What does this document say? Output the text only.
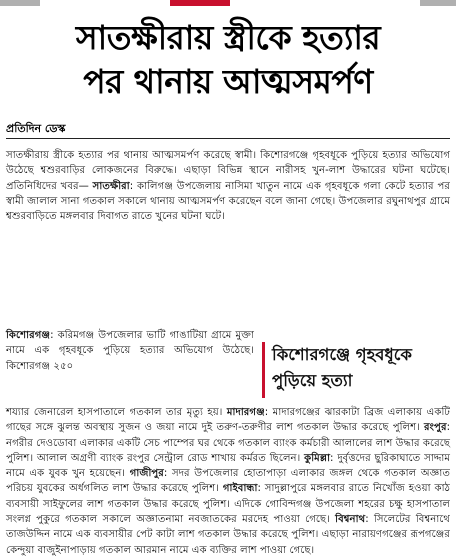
সাতক্ষীরায় স্ত্রীকে হত্যার
পর থানায় আত্মসমর্পণ
প্রতিদিন ডেস্ক

সাতক্ষীরায় স্ত্রীকে হত্যার পর থানায় আত্মসমর্পণ করেছে স্বামী। কিশোরগঞ্জে গৃহবধূকে পুড়িয়ে হত্যার অভিযোগ উঠেছে শ্বশুরবাড়ির লোকজনের বিরুদ্ধে। এছাড়া বিভিন্ন স্থানে নারীসহ খুন-লাশ উদ্ধারের ঘটনা ঘটেছে। প্রতিনিধিদের খবর— সাতক্ষীরা: কালিগঞ্জ উপজেলায় নাসিমা খাতুন নামে এক গৃহবধূকে গলা কেটে হত্যার পর স্বামী জালাল সানা গতকাল সকালে থানায় আত্মসমর্পণ করেছেন বলে জানা গেছে। উপজেলার রঘুনাথপুর গ্রামে শ্বশুরবাড়িতে মঙ্গলবার দিবাগত রাতে খুনের ঘটনা ঘটে।

কিশোরগঞ্জ: করিমগঞ্জ উপজেলার ভাটি গাঙাটিয়া গ্রামে মুক্তা নামে এক গৃহবধূকে পুড়িয়ে হত্যার অভিযোগ উঠেছে। কিশোরগঞ্জ ২৫০

কিশোরগঞ্জে গৃহবধূকে পুড়িয়ে হত্যা

শয্যার জেনারেল হাসপাতালে গতকাল তার মৃত্যু হয়। মাদারগঞ্জ: মাদারগঞ্জের ঝারকাটা ব্রিজ এলাকায় একটি গাছের সঙ্গে ঝুলন্ত অবস্থায় সুজন ও জয়া নামে দুই তরুণ-তরুণীর লাশ গতকাল উদ্ধার করেছে পুলিশ। রংপুর: নগরীর দেওডোবা এলাকার একটি সেচ পাম্পের ঘর থেকে গতকাল ব্যাংক কর্মচারী আলালের লাশ উদ্ধার করেছে পুলিশ। আলাল অগ্রণী ব্যাংক রংপুর সেন্ট্রাল রোড শাখায় কর্মরত ছিলেন। কুমিল্লা: দুর্বৃত্তদের ছুরিকাঘাতে সাদ্দাম নামে এক যুবক খুন হয়েছেন। গাজীপুর: সদর উপজেলার হোতাপাড়া এলাকার জঙ্গল থেকে গতকাল অজ্ঞাত পরিচয় যুবকের অর্ধগলিত লাশ উদ্ধার করেছে পুলিশ। গাইবান্ধা: সাদুল্লাপুরে মঙ্গলবার রাতে নিখোঁজ হওয়া কাঠ ব্যবসায়ী সাইফুলের লাশ গতকাল উদ্ধার করেছে পুলিশ। এদিকে গোবিন্দগঞ্জ উপজেলা শহরের চক্ষু হাসপাতাল সংলগ্ন পুকুরে গতকাল সকালে অজ্ঞাতনামা নবজাতকের মরদেহ পাওয়া গেছে। বিশ্বনাথ: সিলেটের বিশ্বনাথে তাজউদ্দিন নামে এক ব্যবসায়ীর পেট কাটা লাশ গতকাল উদ্ধার করেছে পুলিশ। এছাড়া নারায়ণগঞ্জের রূপগঞ্জের কেন্দুয়া বাজুইনাপাড়ায় গতকাল আরমান নামে এক ব্যক্তির লাশ পাওয়া গেছে।
